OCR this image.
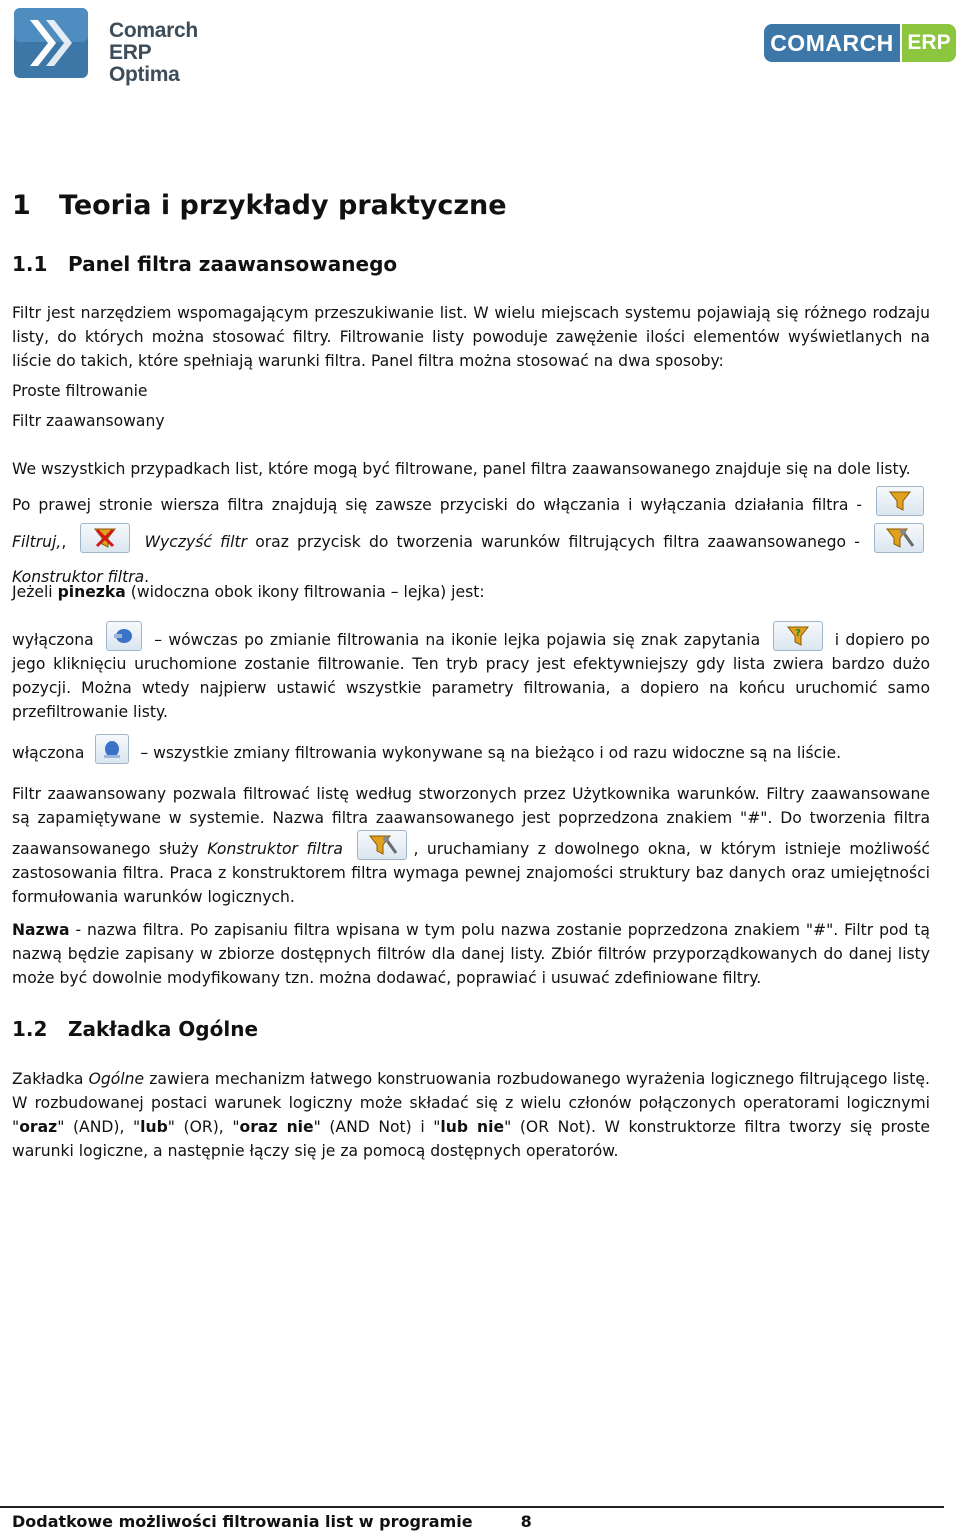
Comarch ERP
Optima
COMARCH ERP
1   Teoria i przykłady praktyczne
1.1 Panel filtra zaawansowanego

Filtr jest narzędziem wspomagającym przeszukiwanie list. W wielu miejscach systemu pojawiają się różnego rodzaju listy, do których można stosować filtry. Filtrowanie listy powoduje zawężenie ilości elementów wyświetlanych na liście do takich, które spełniają warunki filtra. Panel filtra można stosować na dwa sposoby:

Proste filtrowanie

Filtr zaawansowany

We wszystkich przypadkach list, które mogą być filtrowane, panel filtra zaawansowanego znajduje się na dole listy.

Po prawej stronie wiersza filtra znajdują się zawsze przyciski do włączania i wyłączania działania filtra -
Filtruj,,	Wyczyść filtr oraz przycisk do tworzenia warunków filtrujących filtra zaawansowanego -
Konstruktor filtra.

Jeżeli pinezka (widoczna obok ikony filtrowania – lejka) jest:

wyłączona	– wówczas po zmianie filtrowania na ikonie lejka pojawia się znak zapytania	? i dopiero po jego kliknięciu uruchomione zostanie filtrowanie. Ten tryb pracy jest efektywniejszy gdy lista zwiera bardzo dużo pozycji. Można wtedy najpierw ustawić wszystkie parametry filtrowania, a dopiero na końcu uruchomić samo przefiltrowanie listy.

włączona	– wszystkie zmiany filtrowania wykonywane są na bieżąco i od razu widoczne są na liście.

Filtr zaawansowany pozwala filtrować listę według stworzonych przez Użytkownika warunków. Filtry zaawansowane są zapamiętywane w systemie. Nazwa filtra zaawansowanego jest poprzedzona znakiem "#". Do tworzenia filtra zaawansowanego służy Konstruktor filtra	, uruchamiany z dowolnego okna, w którym istnieje możliwość zastosowania filtra. Praca z konstruktorem filtra wymaga pewnej znajomości struktury baz danych oraz umiejętności formułowania warunków logicznych.

Nazwa - nazwa filtra. Po zapisaniu filtra wpisana w tym polu nazwa zostanie poprzedzona znakiem "#". Filtr pod tą nazwą będzie zapisany w zbiorze dostępnych filtrów dla danej listy. Zbiór filtrów przyporządkowanych do danej listy może być dowolnie modyfikowany tzn. można dodawać, poprawiać i usuwać zdefiniowane filtry.

1.2 Zakładka Ogólne

Zakładka Ogólne zawiera mechanizm łatwego konstruowania rozbudowanego wyrażenia logicznego filtrującego listę. W rozbudowanej postaci warunek logiczny może składać się z wielu członów połączonych operatorami logicznymi "oraz" (AND), "lub" (OR), "oraz nie" (AND Not) i "lub nie" (OR Not). W konstruktorze filtra tworzy się proste warunki logiczne, a następnie łączy się je za pomocą dostępnych operatorów.

Dodatkowe możliwości filtrowania list w programie	8
